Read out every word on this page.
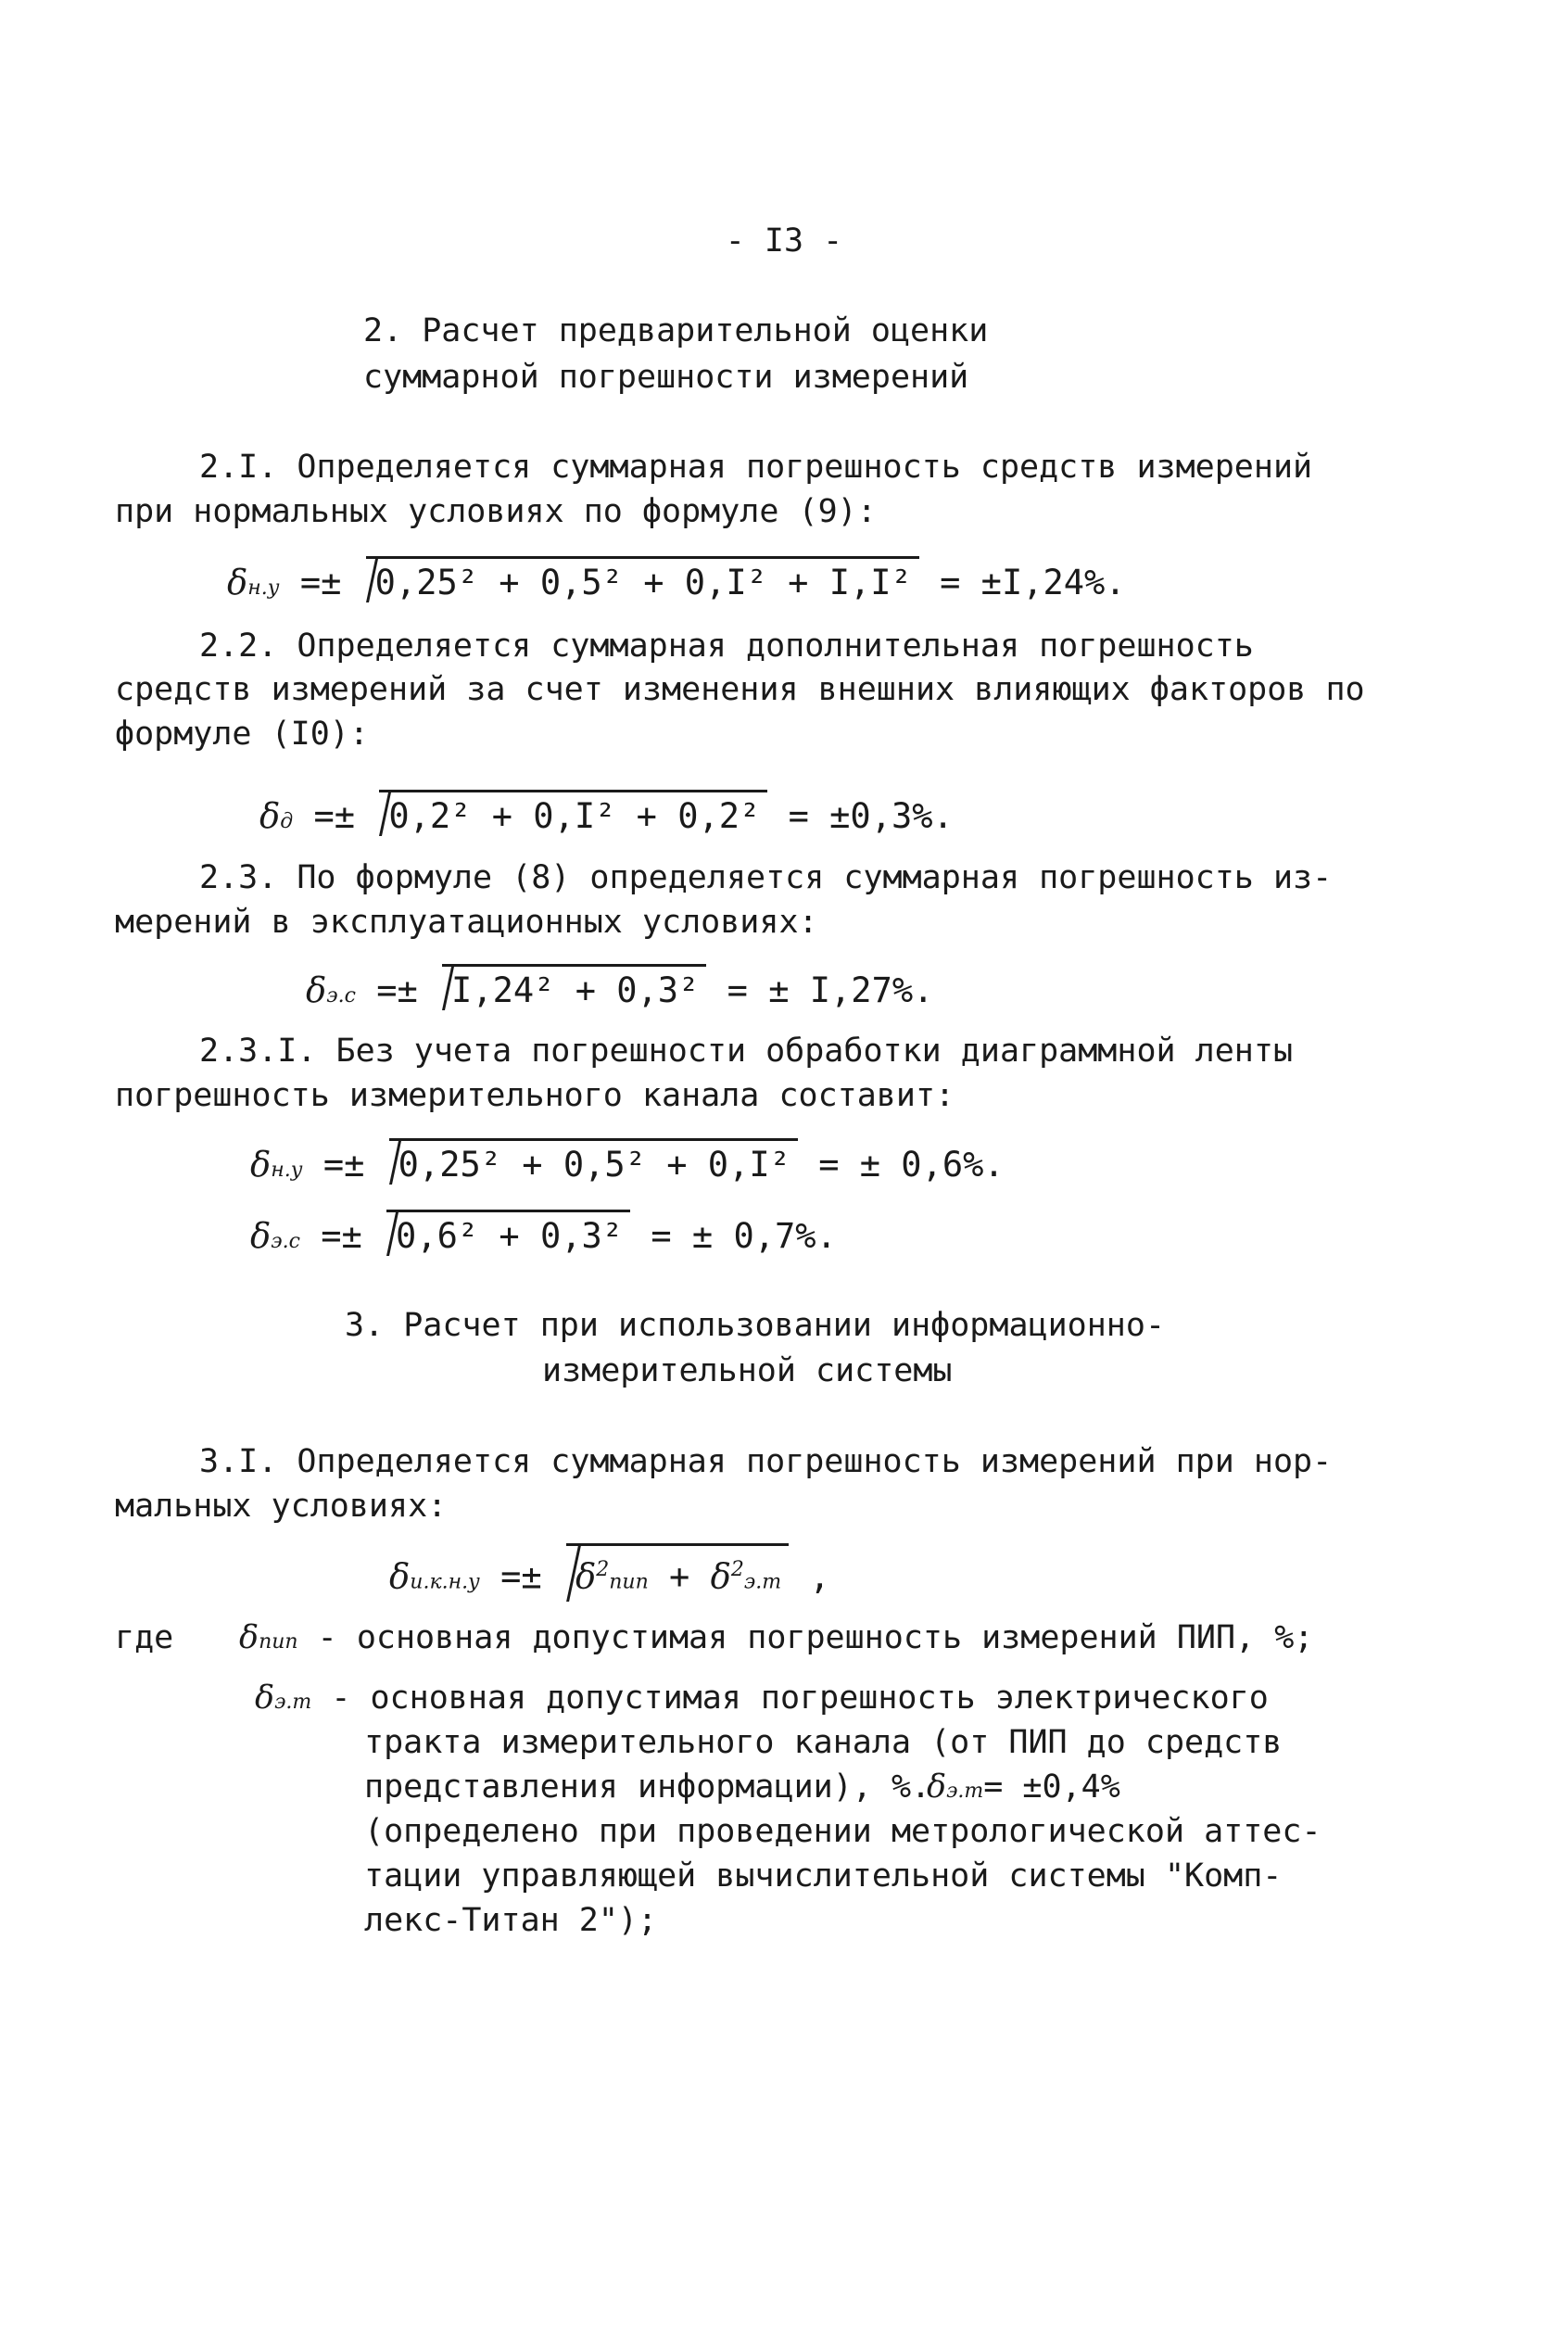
- I3 -
2. Расчет предварительной оценки
суммарной погрешности измерений
2.I. Определяется суммарная погрешность средств измерений
при нормальных условиях по формуле (9):
δн.у =± 0,25² + 0,5² + 0,I² + I,I² = ±I,24%.
2.2. Определяется суммарная дополнительная погрешность
средств измерений за счет изменения внешних влияющих факторов по
формуле (I0):
δд =± 0,2² + 0,I² + 0,2² = ±0,3%.
2.3. По формуле (8) определяется суммарная погрешность из-
мерений в эксплуатационных условиях:
δэ.с =± I,24² + 0,3² = ± I,27%.
2.3.I. Без учета погрешности обработки диаграммной ленты
погрешность измерительного канала составит:
δн.у =± 0,25² + 0,5² + 0,I² = ± 0,6%.
δэ.с =± 0,6² + 0,3² = ± 0,7%.
3. Расчет при использовании информационно-
измерительной системы
3.I. Определяется суммарная погрешность измерений при нор-
мальных условиях:
$\delta и.к.н.у =\pm \delta^2пип + \delta^2э.т$ ,
где δпип - основная допустимая погрешность измерений ПИП, %;
δэ.т - основная допустимая погрешность электрического
тракта измерительного канала (от ПИП до средств
представления информации), %.
δэ.т= ±0,4%
(определено при проведении метрологической аттес-
тации управляющей вычислительной системы "Комп-
лекс-Титан 2");
